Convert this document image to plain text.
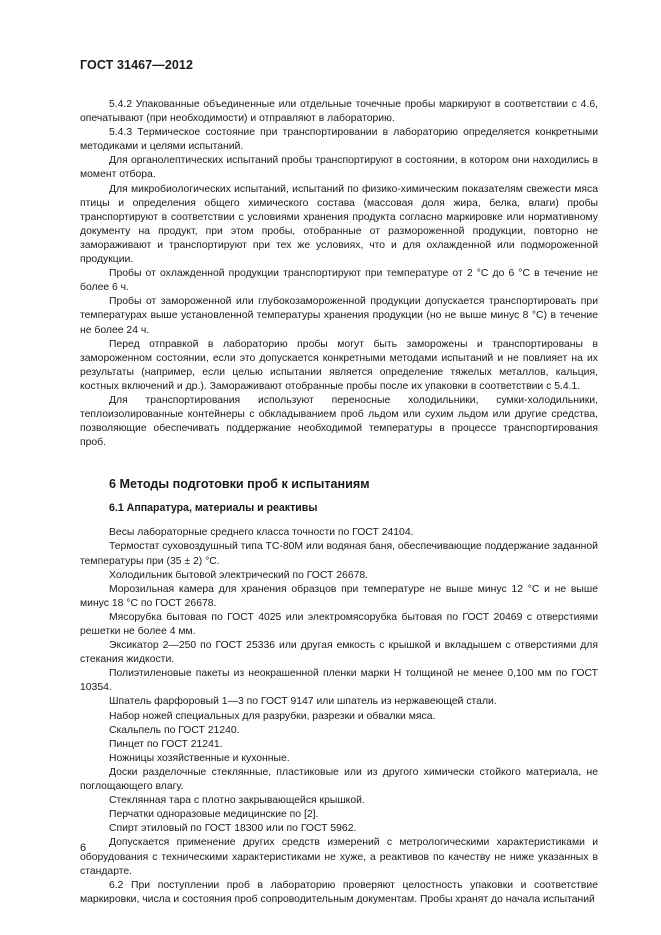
ГОСТ 31467—2012

5.4.2 Упакованные объединенные или отдельные точечные пробы маркируют в соответствии с 4.6, опечатывают (при необходимости) и отправляют в лабораторию.

5.4.3 Термическое состояние при транспортировании в лабораторию определяется конкретными методиками и целями испытаний.

Для органолептических испытаний пробы транспортируют в состоянии, в котором они находились в момент отбора.

Для микробиологических испытаний, испытаний по физико-химическим показателям свежести мяса птицы и определения общего химического состава (массовая доля жира, белка, влаги) пробы транспортируют в соответствии с условиями хранения продукта согласно маркировке или нормативному документу на продукт, при этом пробы, отобранные от размороженной продукции, повторно не замораживают и транспортируют при тех же условиях, что и для охлажденной или подмороженной продукции.

Пробы от охлажденной продукции транспортируют при температуре от 2 °С до 6 °С в течение не более 6 ч.

Пробы от замороженной или глубокозамороженной продукции допускается транспортировать при температурах выше установленной температуры хранения продукции (но не выше минус 8 °С) в течение не более 24 ч.

Перед отправкой в лабораторию пробы могут быть заморожены и транспортированы в замороженном состоянии, если это допускается конкретными методами испытаний и не повлияет на их результаты (например, если целью испытании является определение тяжелых металлов, кальция, костных включений и др.). Замораживают отобранные пробы после их упаковки в соответствии с 5.4.1.

Для транспортирования используют переносные холодильники, сумки-холодильники, теплоизолированные контейнеры с обкладыванием проб льдом или сухим льдом или другие средства, позволяющие обеспечивать поддержание необходимой температуры в процессе транспортирования проб.

6 Методы подготовки проб к испытаниям
6.1 Аппаратура, материалы и реактивы

Весы лабораторные среднего класса точности по ГОСТ 24104.

Термостат суховоздушный типа ТС-80М или водяная баня, обеспечивающие поддержание заданной температуры при (35 ± 2) °С.

Холодильник бытовой электрический по ГОСТ 26678.

Морозильная камера для хранения образцов при температуре не выше минус 12 °С и не выше минус 18 °С по ГОСТ 26678.

Мясорубка бытовая по ГОСТ 4025 или электромясорубка бытовая по ГОСТ 20469 с отверстиями решетки не более 4 мм.

Эксикатор 2—250 по ГОСТ 25336 или другая емкость с крышкой и вкладышем с отверстиями для стекания жидкости.

Полиэтиленовые пакеты из неокрашенной пленки марки Н толщиной не менее 0,100 мм по ГОСТ 10354.

Шпатель фарфоровый 1—3 по ГОСТ 9147 или шпатель из нержавеющей стали.

Набор ножей специальных для разрубки, разрезки и обвалки мяса.

Скальпель по ГОСТ 21240.

Пинцет по ГОСТ 21241.

Ножницы хозяйственные и кухонные.

Доски разделочные стеклянные, пластиковые или из другого химически стойкого материала, не поглощающего влагу.

Стеклянная тара с плотно закрывающейся крышкой.

Перчатки одноразовые медицинские по [2].

Спирт этиловый по ГОСТ 18300 или по ГОСТ 5962.

Допускается применение других средств измерений с метрологическими характеристиками и оборудования с техническими характеристиками не хуже, а реактивов по качеству не ниже указанных в стандарте.

6.2 При поступлении проб в лабораторию проверяют целостность упаковки и соответствие маркировки, числа и состояния проб сопроводительным документам. Пробы хранят до начала испытаний

6
